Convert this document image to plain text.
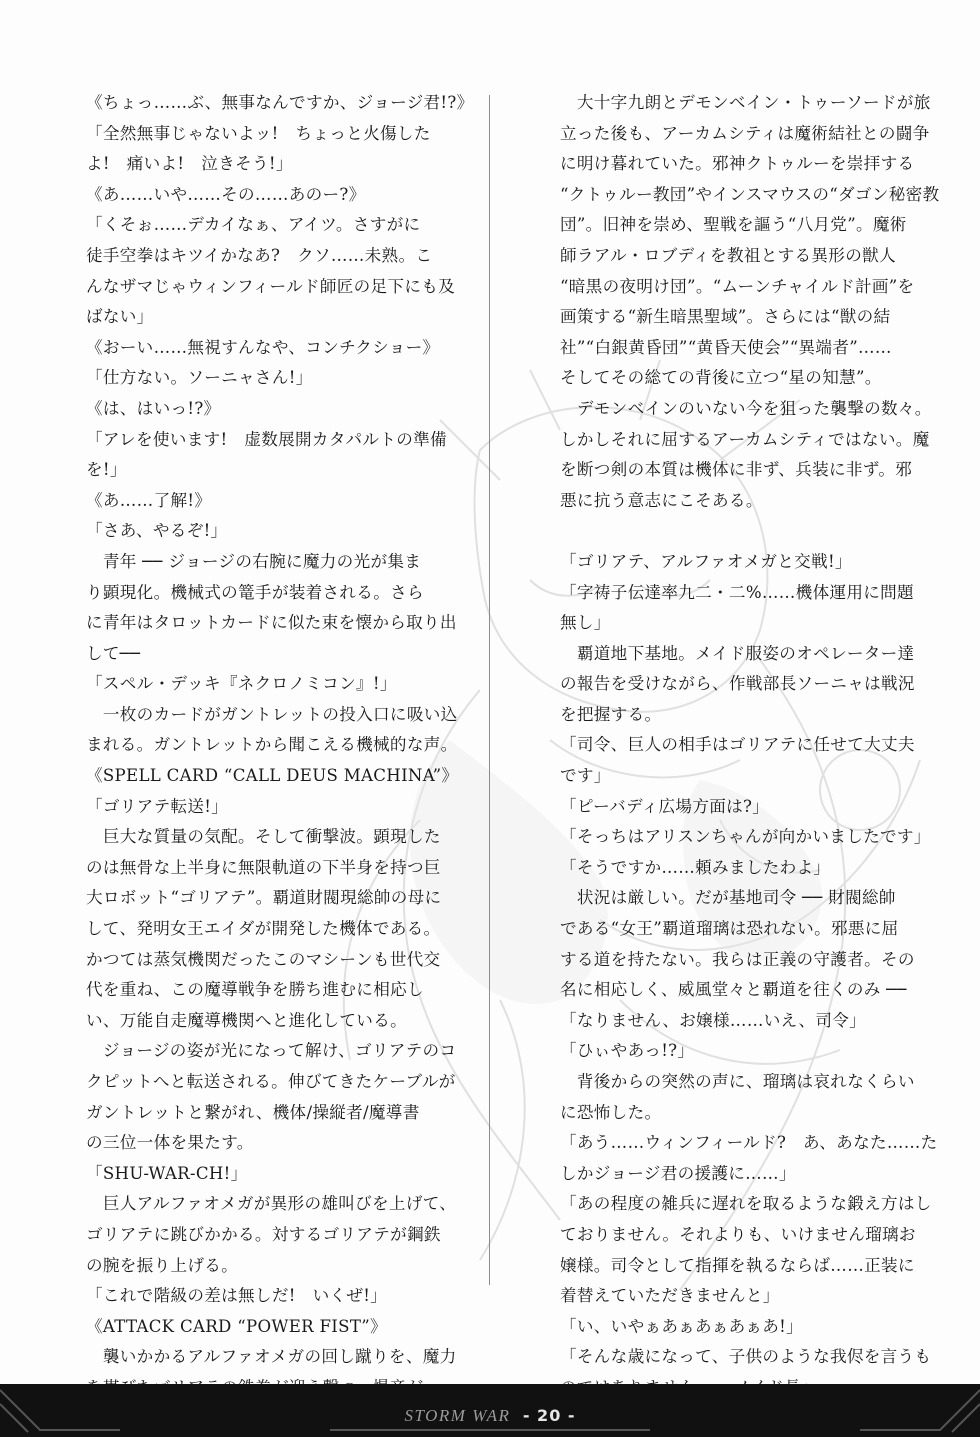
《ちょっ……ぶ、無事なんですか、ジョージ君!?》
「全然無事じゃないよッ!　ちょっと火傷した
よ!　痛いよ!　泣きそう!」
《あ……いや……その……あのー?》
「くそぉ……デカイなぁ、アイツ。さすがに
徒手空拳はキツイかなあ?　クソ……未熟。こ
んなザマじゃウィンフィールド師匠の足下にも及
ばない」
《おーい……無視すんなや、コンチクショー》
「仕方ない。ソーニャさん!」
《は、はいっ!?》
「アレを使います!　虚数展開カタパルトの準備
を!」
《あ……了解!》
「さあ、やるぞ!」
　青年 ── ジョージの右腕に魔力の光が集ま
り顕現化。機械式の篭手が装着される。さら
に青年はタロットカードに似た束を懐から取り出
して──
「スペル・デッキ『ネクロノミコン』!」
　一枚のカードがガントレットの投入口に吸い込
まれる。ガントレットから聞こえる機械的な声。
《SPELL CARD “CALL DEUS MACHINA”》
「ゴリアテ転送!」
　巨大な質量の気配。そして衝撃波。顕現した
のは無骨な上半身に無限軌道の下半身を持つ巨
大ロボット“ゴリアテ”。覇道財閥現総帥の母に
して、発明女王エイダが開発した機体である。
かつては蒸気機関だったこのマシーンも世代交
代を重ね、この魔導戦争を勝ち進むに相応し
い、万能自走魔導機関へと進化している。
　ジョージの姿が光になって解け、ゴリアテのコ
クピットへと転送される。伸びてきたケーブルが
ガントレットと繋がれ、機体/操縦者/魔導書
の三位一体を果たす。
「SHU-WAR-CH!」
　巨人アルファオメガが異形の雄叫びを上げて、
ゴリアテに跳びかかる。対するゴリアテが鋼鉄
の腕を振り上げる。
「これで階級の差は無しだ!　いくぜ!」
《ATTACK CARD “POWER FIST”》
　襲いかかるアルファオメガの回し蹴りを、魔力
　大十字九朗とデモンベイン・トゥーソードが旅
立った後も、アーカムシティは魔術結社との闘争
に明け暮れていた。邪神クトゥルーを崇拝する
“クトゥルー教団”やインスマウスの“ダゴン秘密教
団”。旧神を崇め、聖戦を謳う“八月党”。魔術
師ラアル・ロブディを教祖とする異形の獣人
“暗黒の夜明け団”。“ムーンチャイルド計画”を
画策する“新生暗黒聖域”。さらには“獣の結
社”“白銀黄昏団”“黄昏天使会”“異端者”……
そしてその総ての背後に立つ“星の知慧”。
　デモンベインのいない今を狙った襲撃の数々。
しかしそれに屈するアーカムシティではない。魔
を断つ剣の本質は機体に非ず、兵装に非ず。邪
悪に抗う意志にこそある。
「ゴリアテ、アルファオメガと交戦!」
「字祷子伝達率九二・二%……機体運用に問題
無し」
　覇道地下基地。メイド服姿のオペレーター達
の報告を受けながら、作戦部長ソーニャは戦況
を把握する。
「司令、巨人の相手はゴリアテに任せて大丈夫
です」
「ピーバディ広場方面は?」
「そっちはアリスンちゃんが向かいましたです」
「そうですか……頼みましたわよ」
　状況は厳しい。だが基地司令 ── 財閥総帥
である“女王”覇道瑠璃は恐れない。邪悪に屈
する道を持たない。我らは正義の守護者。その
名に相応しく、威風堂々と覇道を往くのみ ──
「なりません、お嬢様……いえ、司令」
「ひぃやあっ!?」
　背後からの突然の声に、瑠璃は哀れなくらい
に恐怖した。
「あう……ウィンフィールド?　あ、あなた……た
しかジョージ君の援護に……」
「あの程度の雑兵に遅れを取るような鍛え方はし
ておりません。それよりも、いけません瑠璃お
嬢様。司令として指揮を執るならば……正装に
着替えていただきませんと」
「い、いやぁあぁあぁあぁあ!」
「そんな歳になって、子供のような我侭を言うも
STORM WAR - 20 -
